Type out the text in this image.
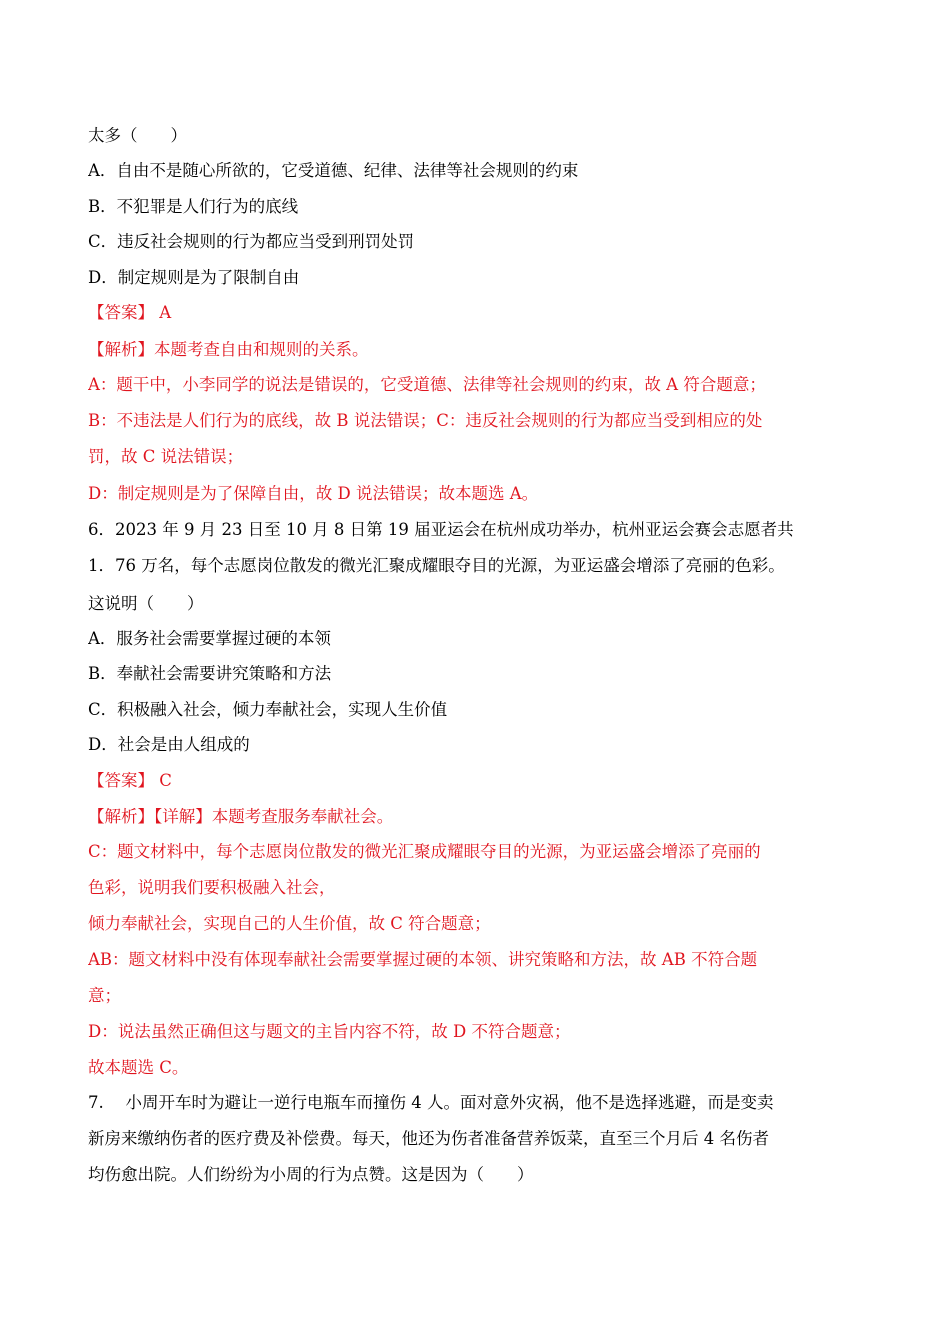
太多（　　）
A．自由不是随心所欲的，它受道德、纪律、法律等社会规则的约束
B．不犯罪是人们行为的底线
C．违反社会规则的行为都应当受到刑罚处罚
D．制定规则是为了限制自由
【答案】 A
【解析】本题考查自由和规则的关系。
A：题干中，小李同学的说法是错误的，它受道德、法律等社会规则的约束，故 A 符合题意；
B：不违法是人们行为的底线，故 B 说法错误；C：违反社会规则的行为都应当受到相应的处
罚，故 C 说法错误；
D：制定规则是为了保障自由，故 D 说法错误；故本题选 A。
6．2023 年 9 月 23 日至 10 月 8 日第 19 届亚运会在杭州成功举办，杭州亚运会赛会志愿者共
1．76 万名，每个志愿岗位散发的微光汇聚成耀眼夺目的光源，为亚运盛会增添了亮丽的色彩。
这说明（　　）
A．服务社会需要掌握过硬的本领
B．奉献社会需要讲究策略和方法
C．积极融入社会，倾力奉献社会，实现人生价值
D．社会是由人组成的
【答案】 C
【解析】【详解】本题考查服务奉献社会。
C：题文材料中，每个志愿岗位散发的微光汇聚成耀眼夺目的光源，为亚运盛会增添了亮丽的
色彩，说明我们要积极融入社会，
倾力奉献社会，实现自己的人生价值，故 C 符合题意；
AB：题文材料中没有体现奉献社会需要掌握过硬的本领、讲究策略和方法，故 AB 不符合题
意；
D：说法虽然正确但这与题文的主旨内容不符，故 D 不符合题意；
故本题选 C。
7.　 小周开车时为避让一逆行电瓶车而撞伤 4 人。面对意外灾祸，他不是选择逃避，而是变卖
新房来缴纳伤者的医疗费及补偿费。每天，他还为伤者准备营养饭菜，直至三个月后 4 名伤者
均伤愈出院。人们纷纷为小周的行为点赞。这是因为（　　）
